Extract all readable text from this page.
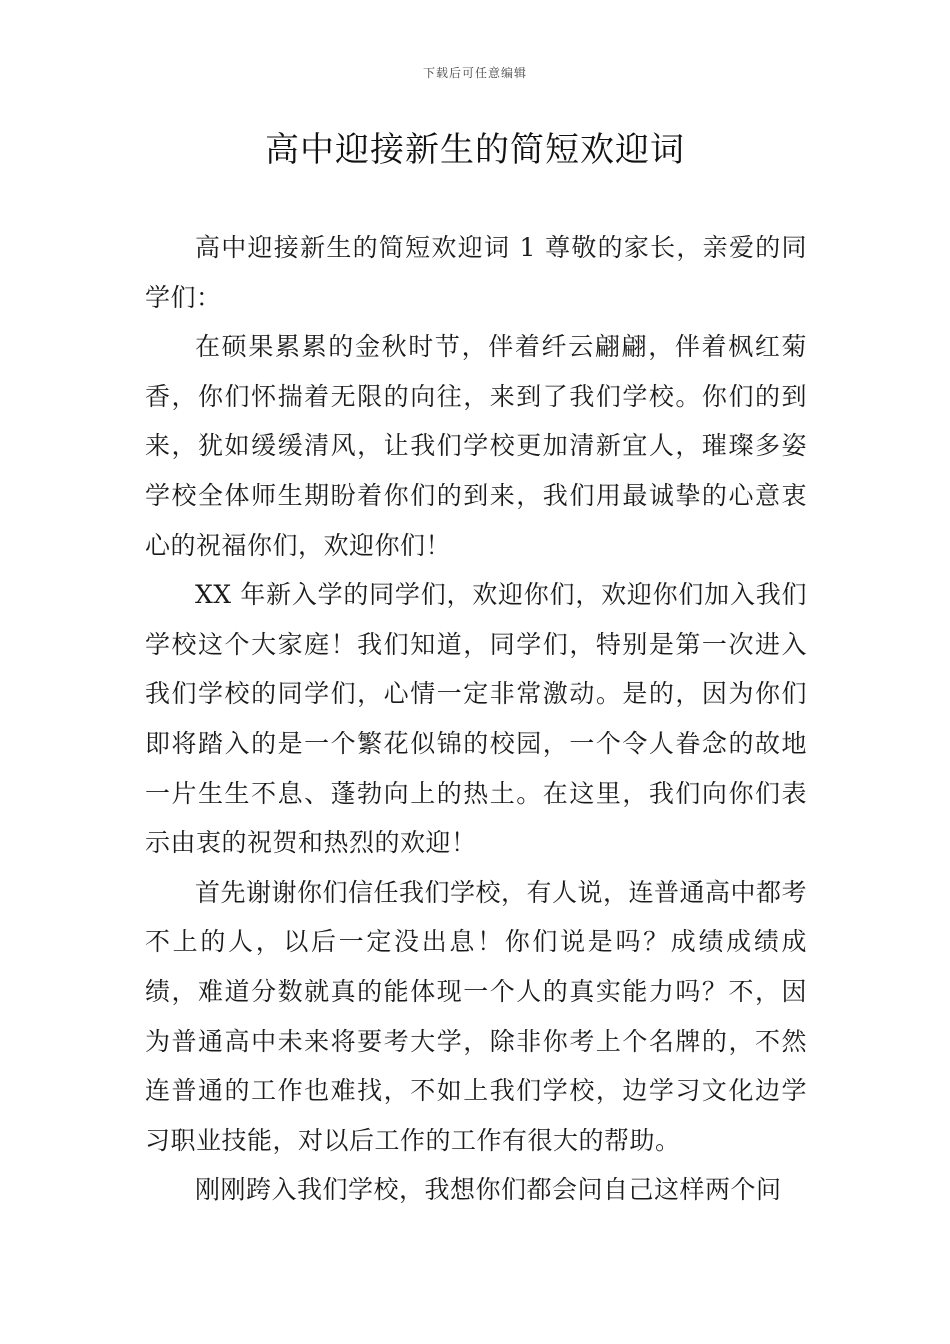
下载后可任意编辑
高中迎接新生的简短欢迎词

高中迎接新生的简短欢迎词 1 尊敬的家长，亲爱的同学们：

在硕果累累的金秋时节，伴着纤云翩翩，伴着枫红菊香，你们怀揣着无限的向往，来到了我们学校。你们的到来，犹如缓缓清风，让我们学校更加清新宜人，璀璨多姿学校全体师生期盼着你们的到来，我们用最诚挚的心意衷心的祝福你们，欢迎你们！

XX 年新入学的同学们，欢迎你们，欢迎你们加入我们学校这个大家庭！我们知道，同学们，特别是第一次进入我们学校的同学们，心情一定非常激动。是的，因为你们即将踏入的是一个繁花似锦的校园，一个令人眷念的故地一片生生不息、蓬勃向上的热土。在这里，我们向你们表示由衷的祝贺和热烈的欢迎！

首先谢谢你们信任我们学校，有人说，连普通高中都考不上的人，以后一定没出息！你们说是吗？成绩成绩成绩，难道分数就真的能体现一个人的真实能力吗？不，因为普通高中未来将要考大学，除非你考上个名牌的，不然连普通的工作也难找，不如上我们学校，边学习文化边学习职业技能，对以后工作的工作有很大的帮助。

刚刚跨入我们学校，我想你们都会问自己这样两个问
